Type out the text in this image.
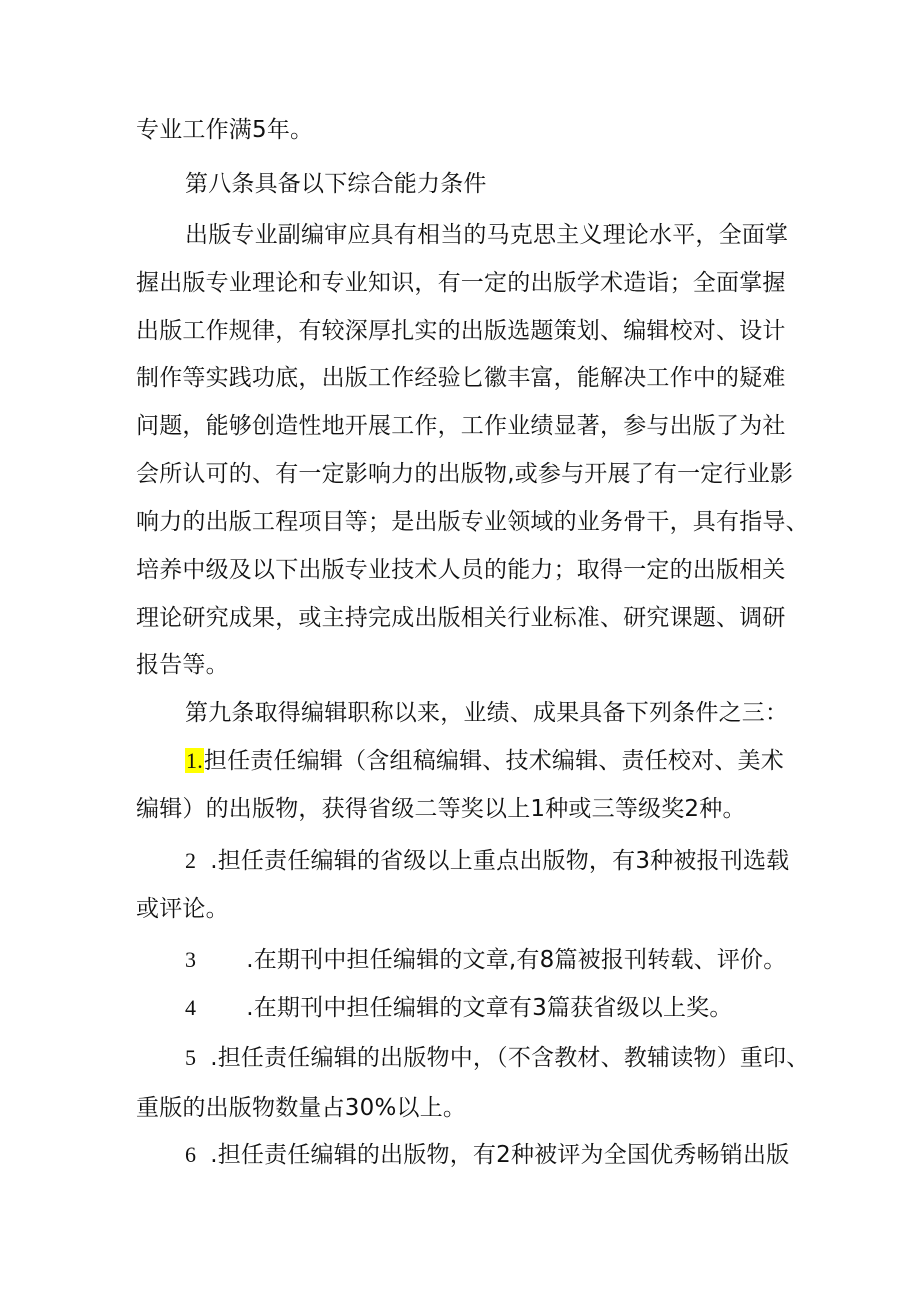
专业工作满5年。
第八条具备以下综合能力条件
出版专业副编审应具有相当的马克思主义理论水平，全面掌
握出版专业理论和专业知识，有一定的出版学术造诣；全面掌握
出版工作规律，有较深厚扎实的出版选题策划、编辑校对、设计
制作等实践功底，出版工作经验匕徽丰富，能解决工作中的疑难
问题，能够创造性地开展工作，工作业绩显著，参与出版了为社
会所认可的、有一定影响力的出版物,或参与开展了有一定行业影
响力的出版工程项目等；是出版专业领域的业务骨干，具有指导、
培养中级及以下出版专业技术人员的能力；取得一定的出版相关
理论研究成果，或主持完成出版相关行业标准、研究课题、调研
报告等。
第九条取得编辑职称以来，业绩、成果具备下列条件之三：
1.担任责任编辑（含组稿编辑、技术编辑、责任校对、美术
编辑）的出版物，获得省级二等奖以上1种或三等级奖2种。
2 .担任责任编辑的省级以上重点出版物，有3种被报刊选载
或评论。
3 .在期刊中担任编辑的文章,有8篇被报刊转载、评价。
4 .在期刊中担任编辑的文章有3篇获省级以上奖。
5 .担任责任编辑的出版物中，（不含教材、教辅读物）重印、
重版的出版物数量占30%以上。
6 .担任责任编辑的出版物，有2种被评为全国优秀畅销出版
